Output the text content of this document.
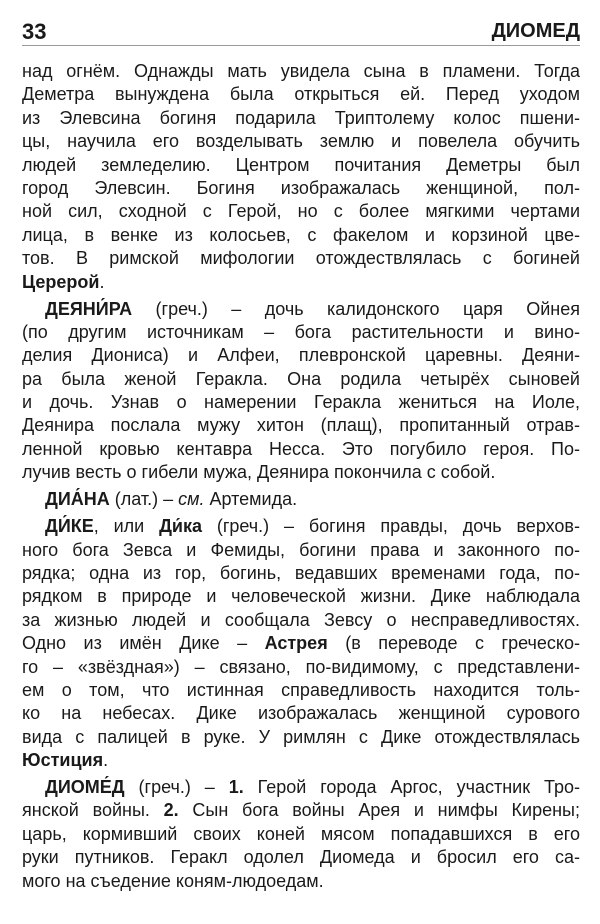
33	ДИОМЕД
над огнём. Однажды мать увидела сына в пламени. Тогда
Деметра вынуждена была открыться ей. Перед уходом
из Элевсина богиня подарила Триптолему колос пшени-
цы, научила его возделывать землю и повелела обучить
людей земледелию. Центром почитания Деметры был
город Элевсин. Богиня изображалась женщиной, пол-
ной сил, сходной с Герой, но с более мягкими чертами
лица, в венке из колосьев, с факелом и корзиной цве-
тов. В римской мифологии отождествлялась с богиней
Церерой.
ДЕЯНИ́РА (греч.) – дочь калидонского царя Ойнея
(по другим источникам – бога растительности и вино-
делия Диониса) и Алфеи, плевронской царевны. Деяни-
ра была женой Геракла. Она родила четырёх сыновей
и дочь. Узнав о намерении Геракла жениться на Иоле,
Деянира послала мужу хитон (плащ), пропитанный отрав-
ленной кровью кентавра Несса. Это погубило героя. По-
лучив весть о гибели мужа, Деянира покончила с собой.
ДИА́НА (лат.) – см. Артемида.
ДИ́КЕ, или Ди́ка (греч.) – богиня правды, дочь верхов-
ного бога Зевса и Фемиды, богини права и законного по-
рядка; одна из гор, богинь, ведавших временами года, по-
рядком в природе и человеческой жизни. Дике наблюдала
за жизнью людей и сообщала Зевсу о несправедливостях.
Одно из имён Дике – Астрея (в переводе с греческо-
го – «звёздная») – связано, по-видимому, с представлени-
ем о том, что истинная справедливость находится толь-
ко на небесах. Дике изображалась женщиной сурового
вида с палицей в руке. У римлян с Дике отождествлялась
Юстиция.
ДИОМЕ́Д (греч.) – 1. Герой города Аргос, участник Тро-
янской войны. 2. Сын бога войны Арея и нимфы Кирены;
царь, кормивший своих коней мясом попадавшихся в его
руки путников. Геракл одолел Диомеда и бросил его са-
мого на съедение коням-людоедам.
